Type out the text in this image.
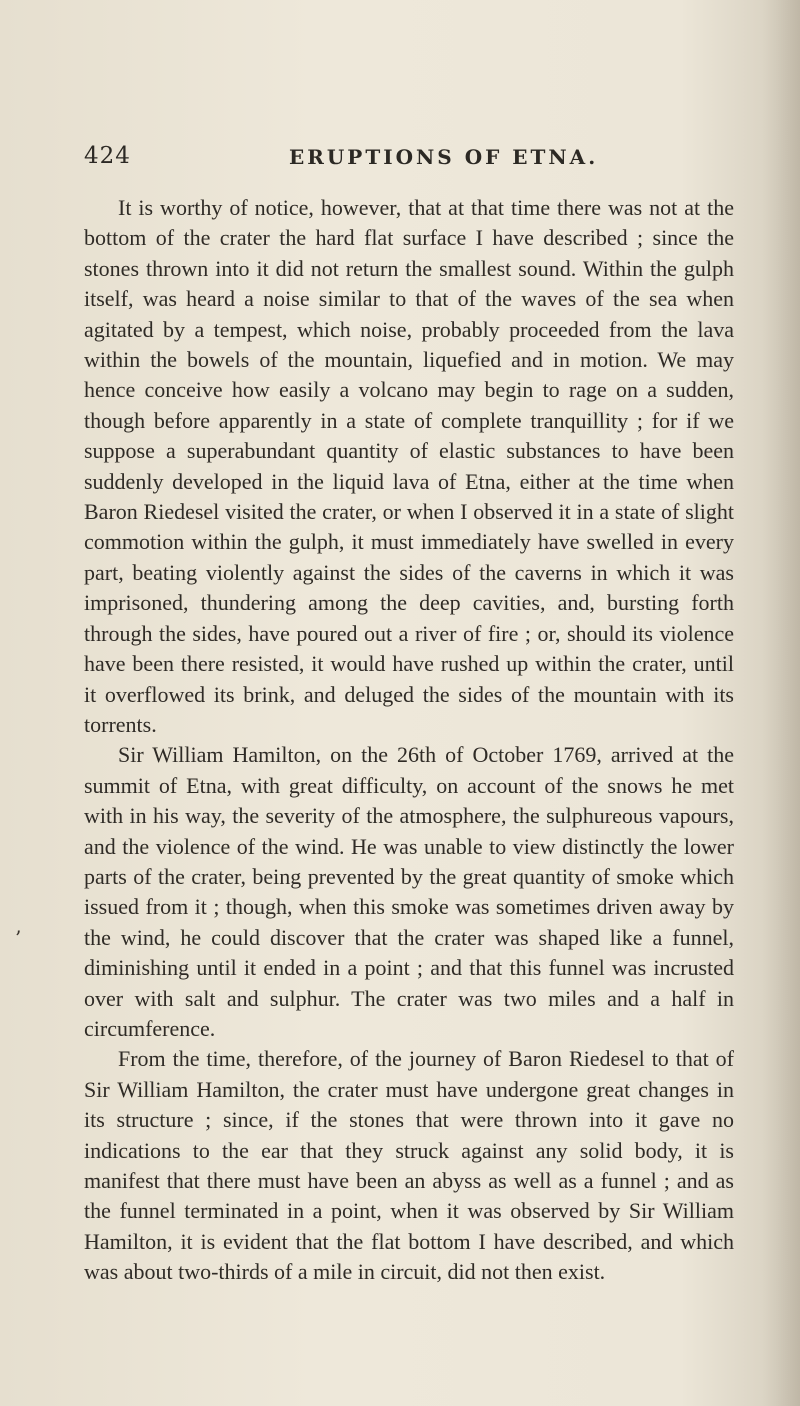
424	ERUPTIONS OF ETNA.
’

It is worthy of notice, however, that at that time there was not at the bottom of the crater the hard flat surface I have described ; since the stones thrown into it did not return the smallest sound. Within the gulph itself, was heard a noise similar to that of the waves of the sea when agitated by a tempest, which noise, probably proceeded from the lava within the bowels of the mountain, liquefied and in motion. We may hence conceive how easily a volcano may begin to rage on a sudden, though before apparently in a state of complete tranquillity ; for if we suppose a superabundant quantity of elastic substances to have been suddenly developed in the liquid lava of Etna, either at the time when Baron Riedesel visited the crater, or when I observed it in a state of slight commotion within the gulph, it must immediately have swelled in every part, beating violently against the sides of the caverns in which it was imprisoned, thundering among the deep cavities, and, bursting forth through the sides, have poured out a river of fire ; or, should its violence have been there resisted, it would have rushed up within the crater, until it overflowed its brink, and deluged the sides of the mountain with its torrents.

Sir William Hamilton, on the 26th of October 1769, arrived at the summit of Etna, with great difficulty, on account of the snows he met with in his way, the severity of the atmosphere, the sulphureous vapours, and the violence of the wind. He was unable to view distinctly the lower parts of the crater, being prevented by the great quantity of smoke which issued from it ; though, when this smoke was sometimes driven away by the wind, he could discover that the crater was shaped like a funnel, diminishing until it ended in a point ; and that this funnel was incrusted over with salt and sulphur. The crater was two miles and a half in circumference.

From the time, therefore, of the journey of Baron Riedesel to that of Sir William Hamilton, the crater must have undergone great changes in its structure ; since, if the stones that were thrown into it gave no indications to the ear that they struck against any solid body, it is manifest that there must have been an abyss as well as a funnel ; and as the funnel terminated in a point, when it was observed by Sir William Hamilton, it is evident that the flat bottom I have described, and which was about two-thirds of a mile in circuit, did not then exist.
